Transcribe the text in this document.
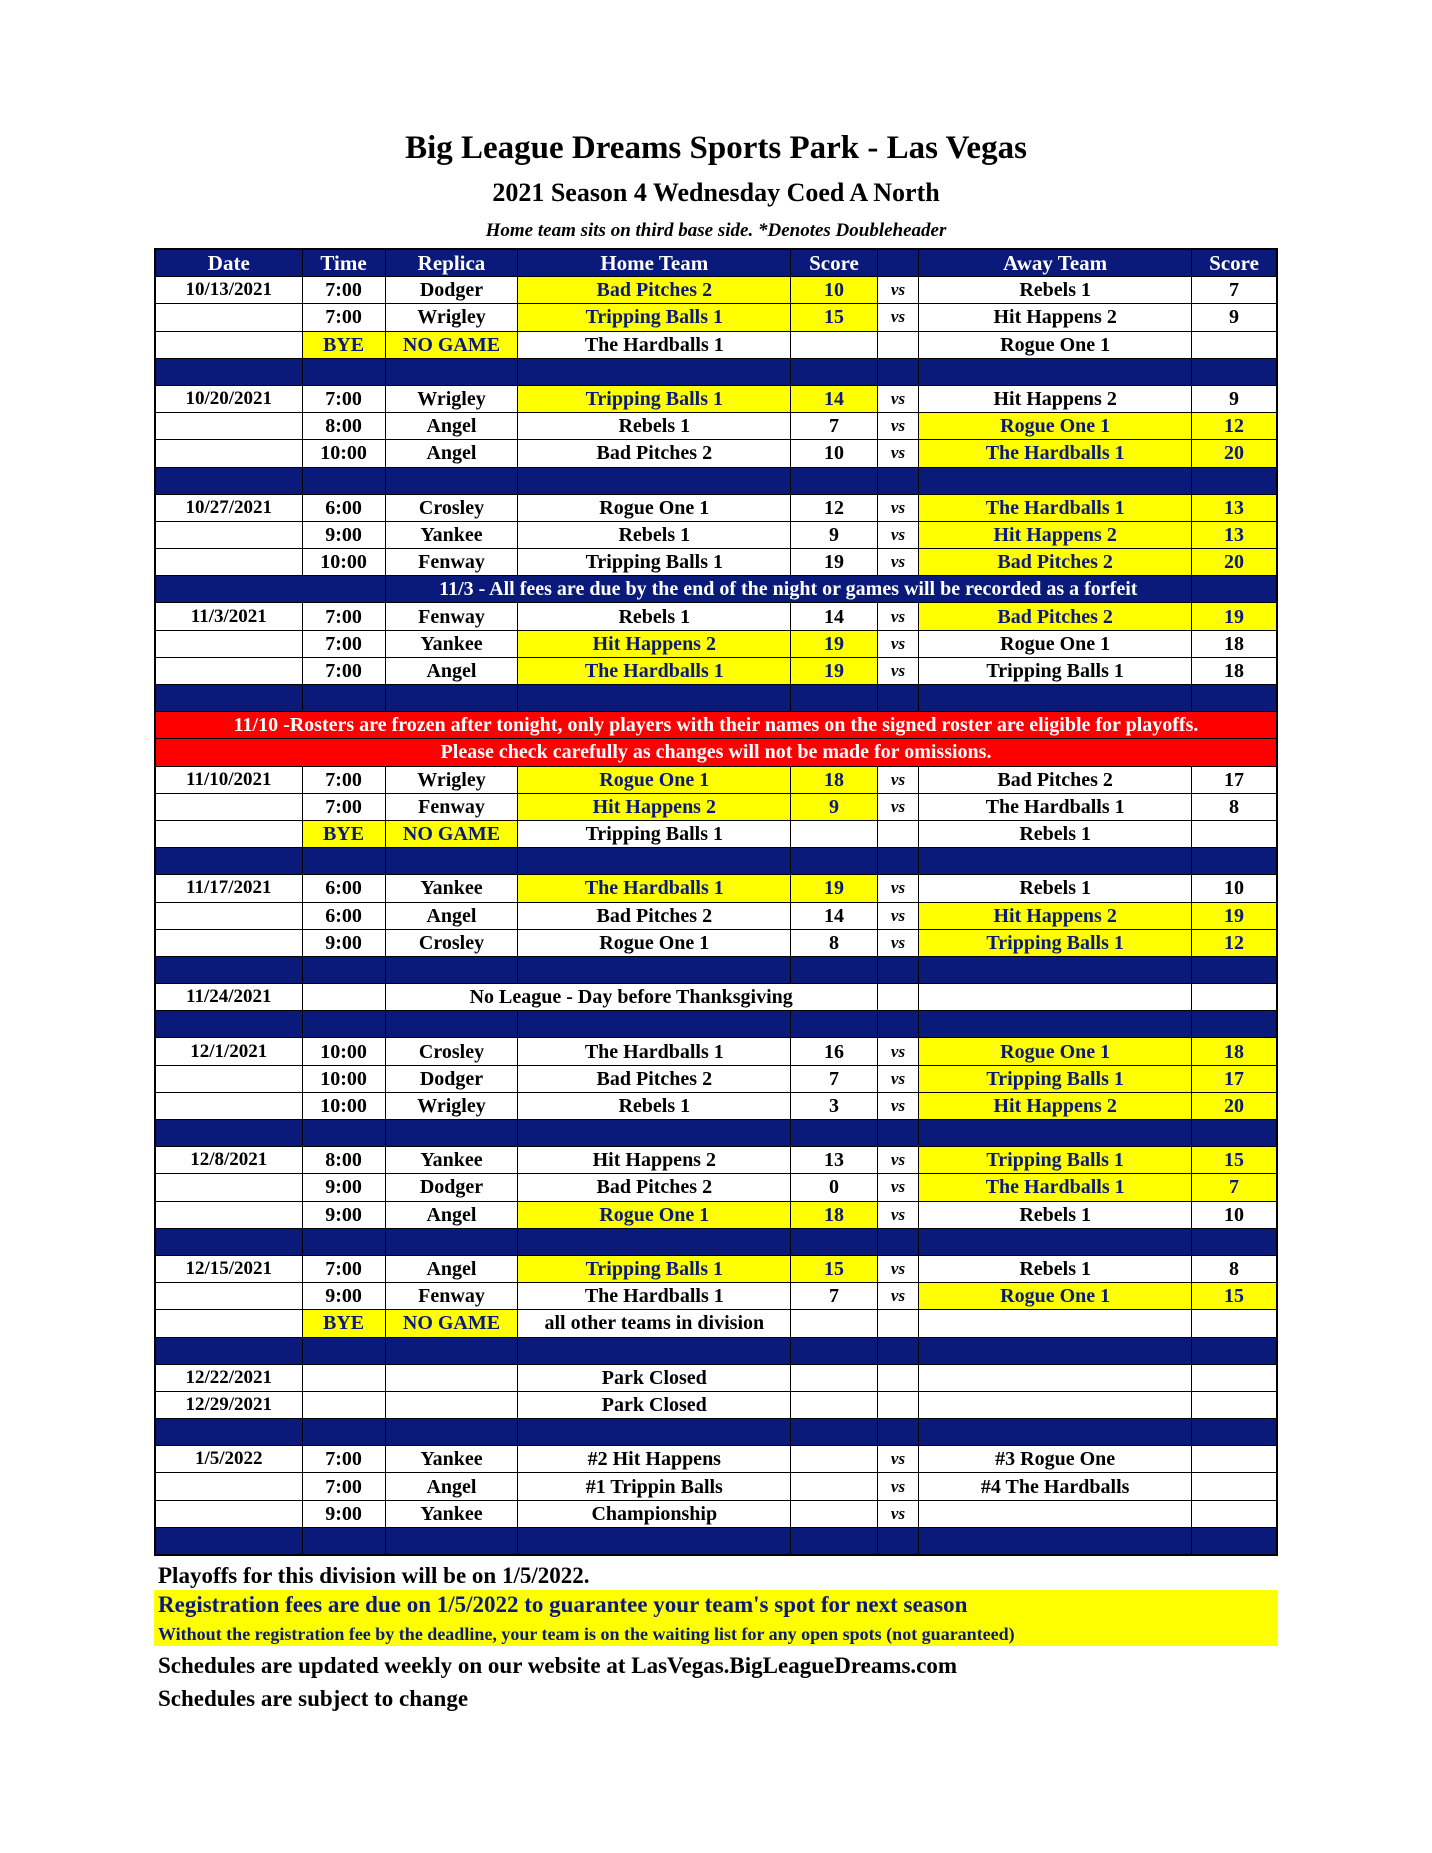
Big League Dreams Sports Park - Las Vegas
2021 Season 4 Wednesday Coed A North
Home team sits on third base side. *Denotes Doubleheader
Date	Time	Replica	Home Team	Score		Away Team	Score
10/13/2021	7:00	Dodger	Bad Pitches 2	10	vs	Rebels 1	7
	7:00	Wrigley	Tripping Balls 1	15	vs	Hit Happens 2	9
	BYE	NO GAME	The Hardballs 1			Rogue One 1	

10/20/2021	7:00	Wrigley	Tripping Balls 1	14	vs	Hit Happens 2	9
	8:00	Angel	Rebels 1	7	vs	Rogue One 1	12
	10:00	Angel	Bad Pitches 2	10	vs	The Hardballs 1	20

10/27/2021	6:00	Crosley	Rogue One 1	12	vs	The Hardballs 1	13
	9:00	Yankee	Rebels 1	9	vs	Hit Happens 2	13
	10:00	Fenway	Tripping Balls 1	19	vs	Bad Pitches 2	20
		11/3 - All fees are due by the end of the night or games will be recorded as a forfeit					
11/3/2021	7:00	Fenway	Rebels 1	14	vs	Bad Pitches 2	19
	7:00	Yankee	Hit Happens 2	19	vs	Rogue One 1	18
	7:00	Angel	The Hardballs 1	19	vs	Tripping Balls 1	18

11/10 -Rosters are frozen after tonight, only players with their names on the signed roster are eligible for playoffs.							
Please check carefully as changes will not be made for omissions.							
11/10/2021	7:00	Wrigley	Rogue One 1	18	vs	Bad Pitches 2	17
	7:00	Fenway	Hit Happens 2	9	vs	The Hardballs 1	8
	BYE	NO GAME	Tripping Balls 1			Rebels 1	

11/17/2021	6:00	Yankee	The Hardballs 1	19	vs	Rebels 1	10
	6:00	Angel	Bad Pitches 2	14	vs	Hit Happens 2	19
	9:00	Crosley	Rogue One 1	8	vs	Tripping Balls 1	12

11/24/2021		No League - Day before Thanksgiving					

12/1/2021	10:00	Crosley	The Hardballs 1	16	vs	Rogue One 1	18
	10:00	Dodger	Bad Pitches 2	7	vs	Tripping Balls 1	17
	10:00	Wrigley	Rebels 1	3	vs	Hit Happens 2	20

12/8/2021	8:00	Yankee	Hit Happens 2	13	vs	Tripping Balls 1	15
	9:00	Dodger	Bad Pitches 2	0	vs	The Hardballs 1	7
	9:00	Angel	Rogue One 1	18	vs	Rebels 1	10

12/15/2021	7:00	Angel	Tripping Balls 1	15	vs	Rebels 1	8
	9:00	Fenway	The Hardballs 1	7	vs	Rogue One 1	15
	BYE	NO GAME	all other teams in division				

12/22/2021			Park Closed				
12/29/2021			Park Closed				

1/5/2022	7:00	Yankee	#2 Hit Happens		vs	#3 Rogue One	
	7:00	Angel	#1 Trippin Balls		vs	#4 The Hardballs	
	9:00	Yankee	Championship		vs		

Playoffs for this division will be on 1/5/2022.
Registration fees are due on 1/5/2022 to guarantee your team's spot for next season
Without the registration fee by the deadline, your team is on the waiting list for any open spots (not guaranteed)
Schedules are updated weekly on our website at LasVegas.BigLeagueDreams.com
Schedules are subject to change
